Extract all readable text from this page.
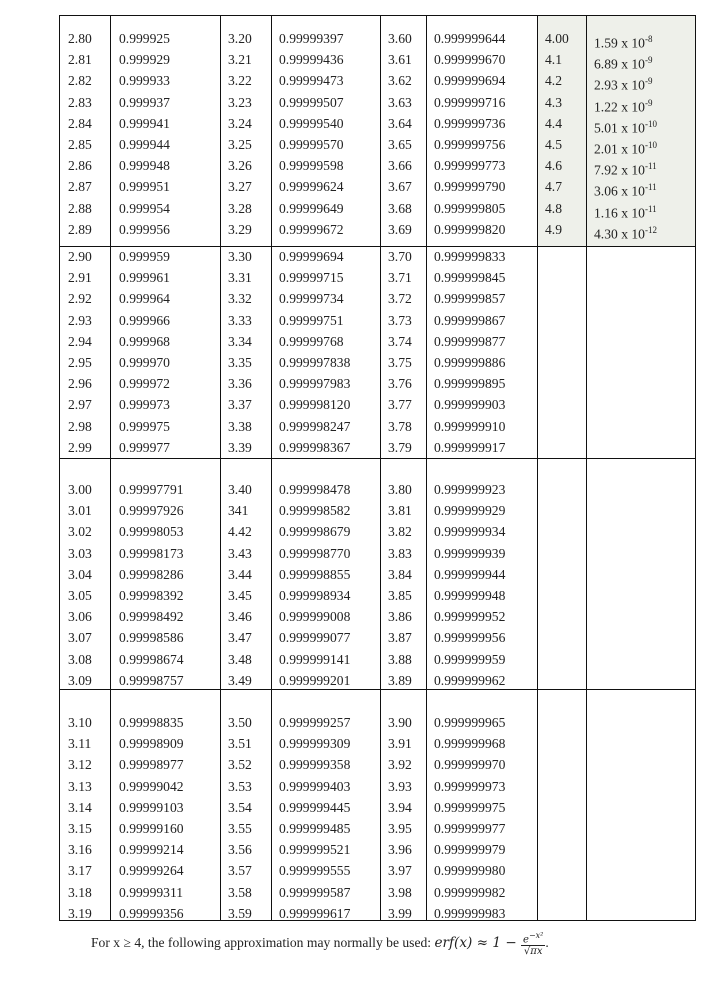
2.80 0.999925	3.20 0.99999397	3.60 0.999999644	4.00 1.59 x $10^{-8}$
2.81 0.999929	3.21 0.99999436	3.61 0.999999670	4.1 6.89 x $10^{-9}$
2.82 0.999933	3.22 0.99999473	3.62 0.999999694	4.2 2.93 x $10^{-9}$
2.83 0.999937	3.23 0.99999507	3.63 0.999999716	4.3 1.22 x $10^{-9}$
2.84 0.999941	3.24 0.99999540	3.64 0.999999736	4.4 5.01 x $10^{-10}$
2.85 0.999944	3.25 0.99999570	3.65 0.999999756	4.5 2.01 x $10^{-10}$
2.86 0.999948	3.26 0.99999598	3.66 0.999999773	4.6 7.92 x $10^{-11}$
2.87 0.999951	3.27 0.99999624	3.67 0.999999790	4.7 3.06 x $10^{-11}$
2.88 0.999954	3.28 0.99999649	3.68 0.999999805	4.8 1.16 x $10^{-11}$
2.89 0.999956	3.29 0.99999672	3.69 0.999999820	4.9 4.30 x $10^{-12}$
2.90 0.999959	3.30 0.99999694	3.70 0.999999833
2.91 0.999961	3.31 0.99999715	3.71 0.999999845
2.92 0.999964	3.32 0.99999734	3.72 0.999999857
2.93 0.999966	3.33 0.99999751	3.73 0.999999867
2.94 0.999968	3.34 0.99999768	3.74 0.999999877
2.95 0.999970	3.35 0.999997838	3.75 0.999999886
2.96 0.999972	3.36 0.999997983	3.76 0.999999895
2.97 0.999973	3.37 0.999998120	3.77 0.999999903
2.98 0.999975	3.38 0.999998247	3.78 0.999999910
2.99 0.999977	3.39 0.999998367	3.79 0.999999917
3.00 0.99997791	3.40 0.999998478	3.80 0.999999923
3.01 0.99997926	341 0.999998582	3.81 0.999999929
3.02 0.99998053	4.42 0.999998679	3.82 0.999999934
3.03 0.99998173	3.43 0.999998770	3.83 0.999999939
3.04 0.99998286	3.44 0.999998855	3.84 0.999999944
3.05 0.99998392	3.45 0.999998934	3.85 0.999999948
3.06 0.99998492	3.46 0.999999008	3.86 0.999999952
3.07 0.99998586	3.47 0.999999077	3.87 0.999999956
3.08 0.99998674	3.48 0.999999141	3.88 0.999999959
3.09 0.99998757	3.49 0.999999201	3.89 0.999999962
3.10 0.99998835	3.50 0.999999257	3.90 0.999999965
3.11 0.99998909	3.51 0.999999309	3.91 0.999999968
3.12 0.99998977	3.52 0.999999358	3.92 0.999999970
3.13 0.99999042	3.53 0.999999403	3.93 0.999999973
3.14 0.99999103	3.54 0.999999445	3.94 0.999999975
3.15 0.99999160	3.55 0.999999485	3.95 0.999999977
3.16 0.99999214	3.56 0.999999521	3.96 0.999999979
3.17 0.99999264	3.57 0.999999555	3.97 0.999999980
3.18 0.99999311	3.58 0.999999587	3.98 0.999999982
3.19 0.99999356	3.59 0.999999617	3.99 0.999999983
For x ≥ 4, the following approximation may normally be used: $erf(x) \approx 1 - \frac{e^{-x^2}}{√\pi x}$ .
